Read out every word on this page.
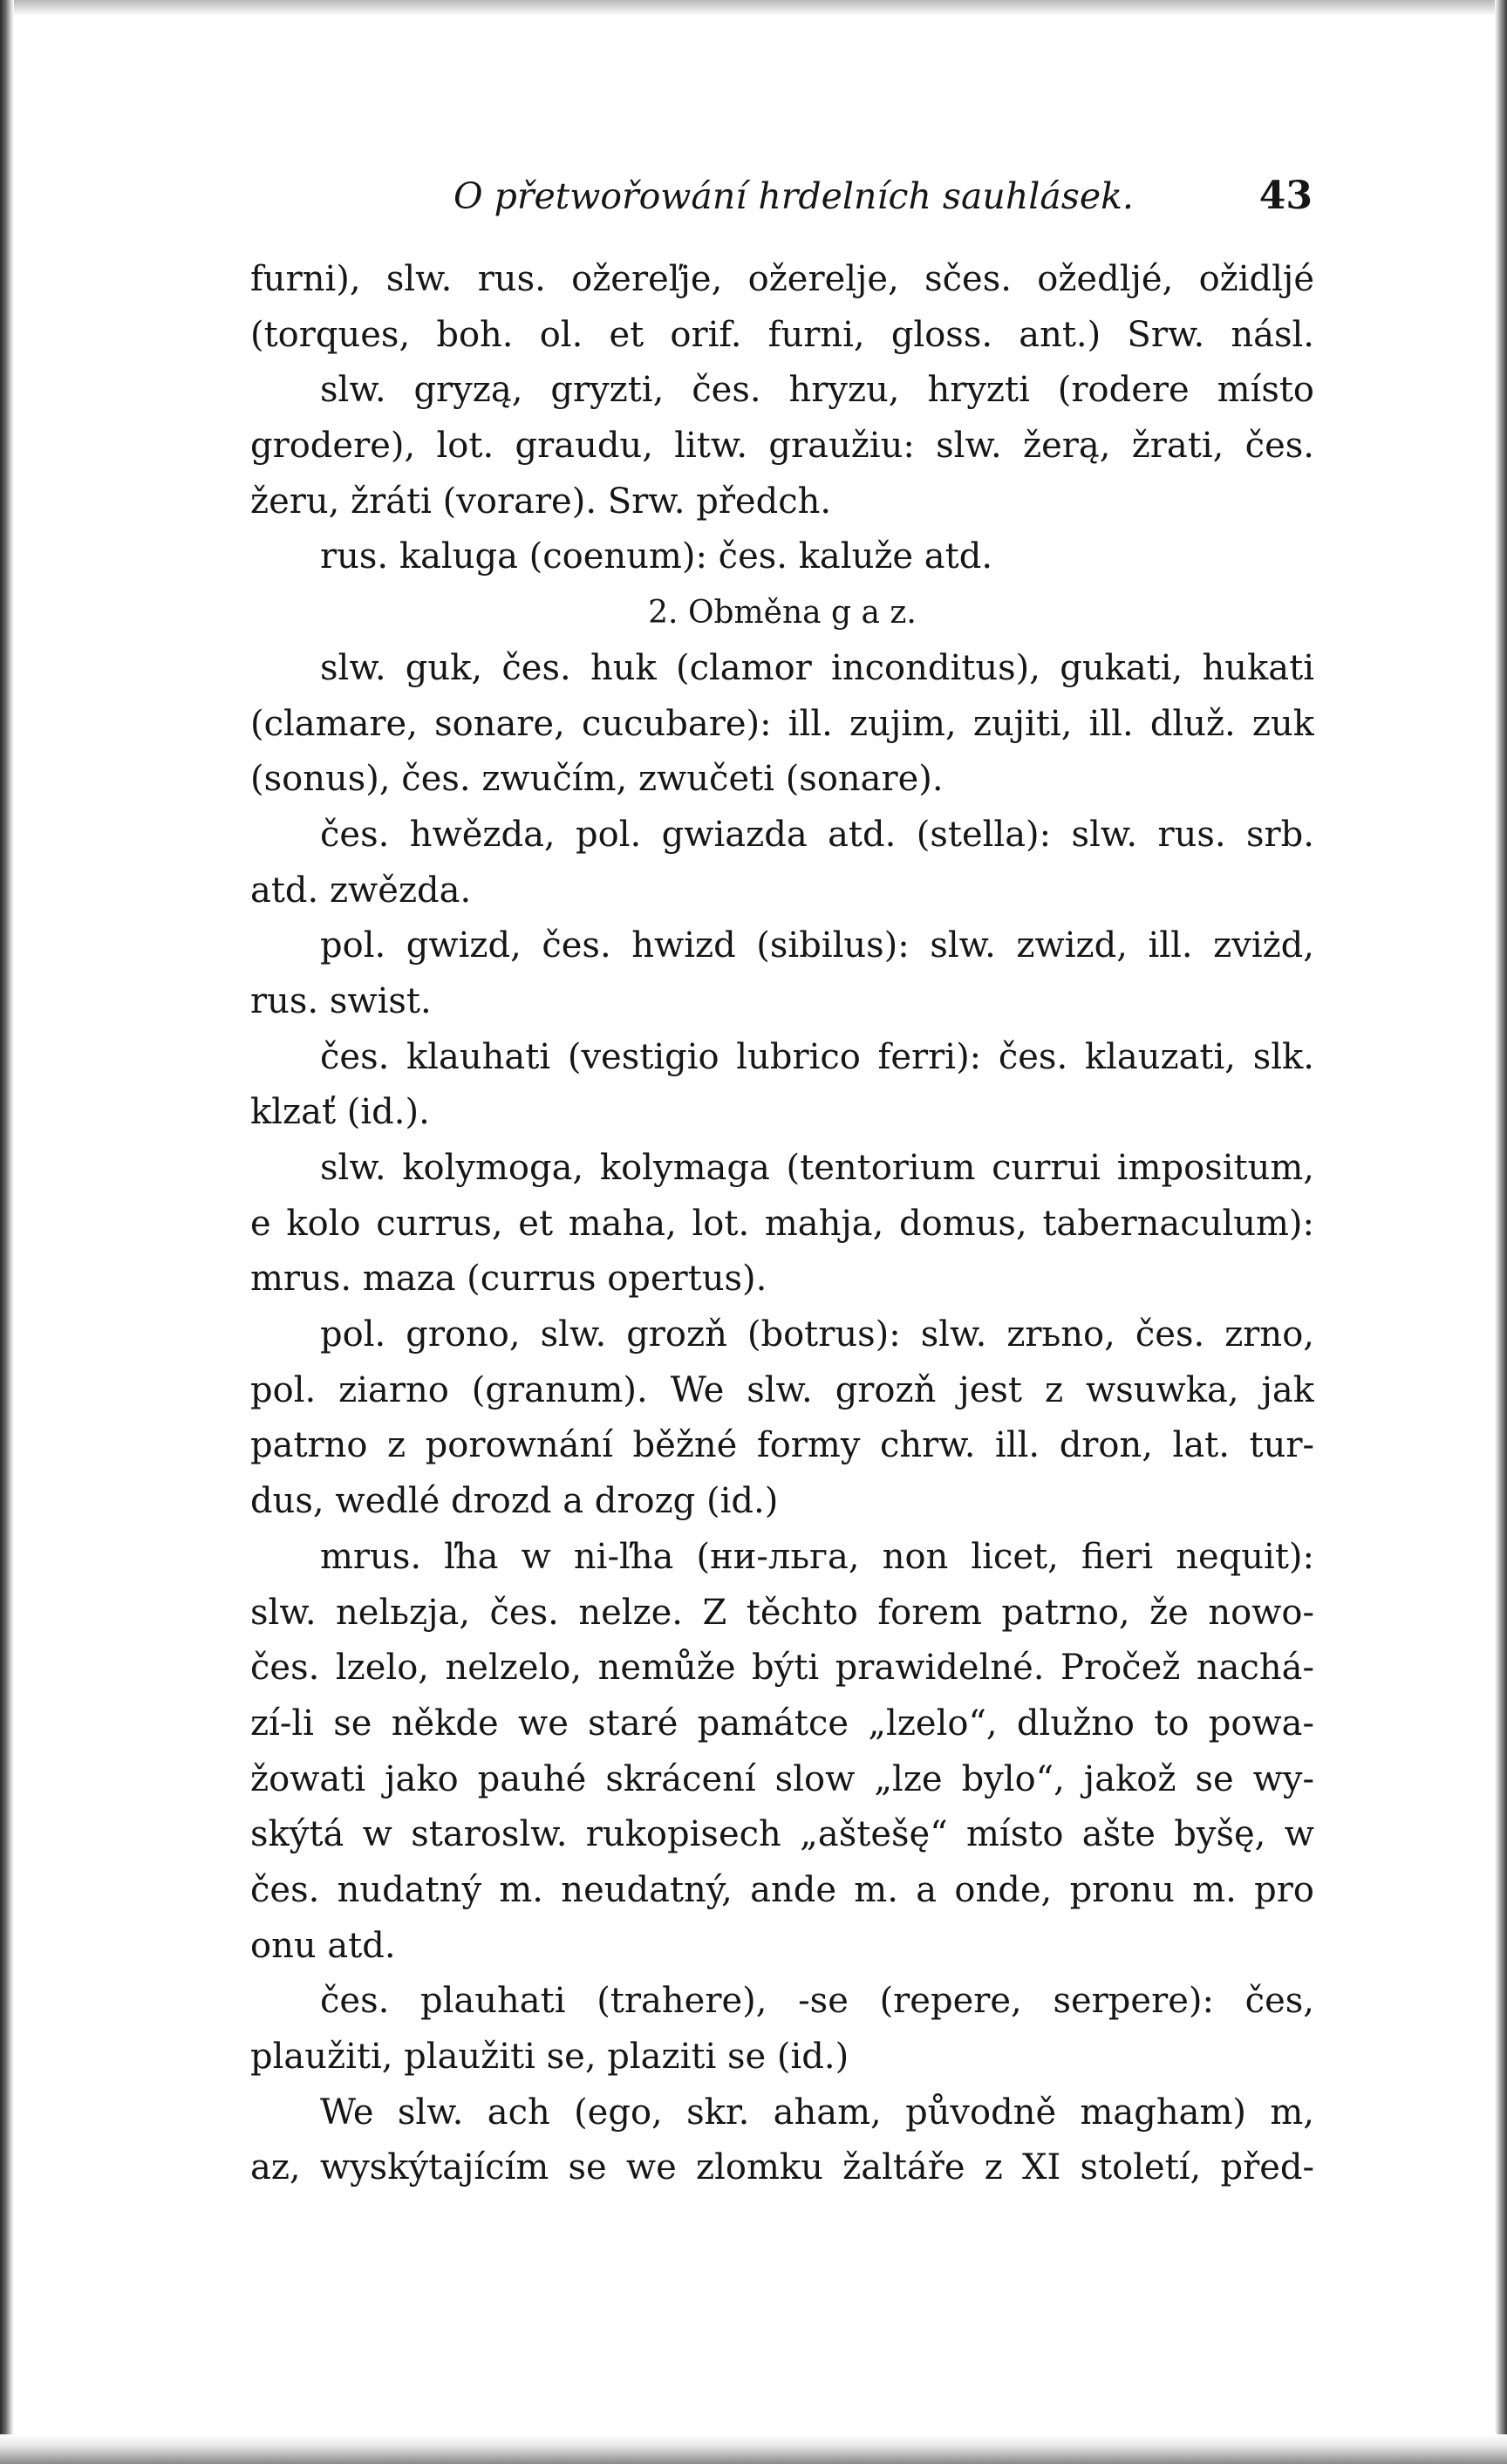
O přetwořowání hrdelních sauhlásek.	43
furni), slw. rus. ožereľje, ožerelje, sčes. ožedljé, ožidljé
(torques, boh. ol. et orif. furni, gloss. ant.) Srw. násl.
slw. gryzą, gryzti, čes. hryzu, hryzti (rodere místo
grodere), lot. graudu, litw. graužiu: slw. žerą, žrati, čes.
žeru, žráti (vorare). Srw. předch.
rus. kaluga (coenum): čes. kaluže atd.
2. Obměna g a z.
slw. guk, čes. huk (clamor inconditus), gukati, hukati
(clamare, sonare, cucubare): ill. zujim, zujiti, ill. dluž. zuk
(sonus), čes. zwučím, zwučeti (sonare).
čes. hwězda, pol. gwiazda atd. (stella): slw. rus. srb.
atd. zwězda.
pol. gwizd, čes. hwizd (sibilus): slw. zwizd, ill. zviżd,
rus. swist.
čes. klauhati (vestigio lubrico ferri): čes. klauzati, slk.
klzať (id.).
slw. kolymoga, kolymaga (tentorium currui impositum,
e kolo currus, et maha, lot. mahja, domus, tabernaculum):
mrus. maza (currus opertus).
pol. grono, slw. grozň (botrus): slw. zrьno, čes. zrno,
pol. ziarno (granum). We slw. grozň jest z wsuwka, jak
patrno z porownání běžné formy chrw. ill. dron, lat. tur-
dus, wedlé drozd a drozg (id.)
mrus. ľha w ni-ľha (ни-льга, non licet, fieri nequit):
slw. nelьzja, čes. nelze. Z těchto forem patrno, že nowo-
čes. lzelo, nelzelo, nemůže býti prawidelné. Pročež nachá-
zí-li se někde we staré památce „lzelo“, dlužno to powa-
žowati jako pauhé skrácení slow „lze bylo“, jakož se wy-
skýtá w staroslw. rukopisech „aštešę“ místo ašte byšę, w
čes. nudatný m. neudatný, ande m. a onde, pronu m. pro
onu atd.
čes. plauhati (trahere), -se (repere, serpere): čes,
plaužiti, plaužiti se, plaziti se (id.)
We slw. ach (ego, skr. aham, původně magham) m,
az, wyskýtajícím se we zlomku žaltáře z XI století, před-
